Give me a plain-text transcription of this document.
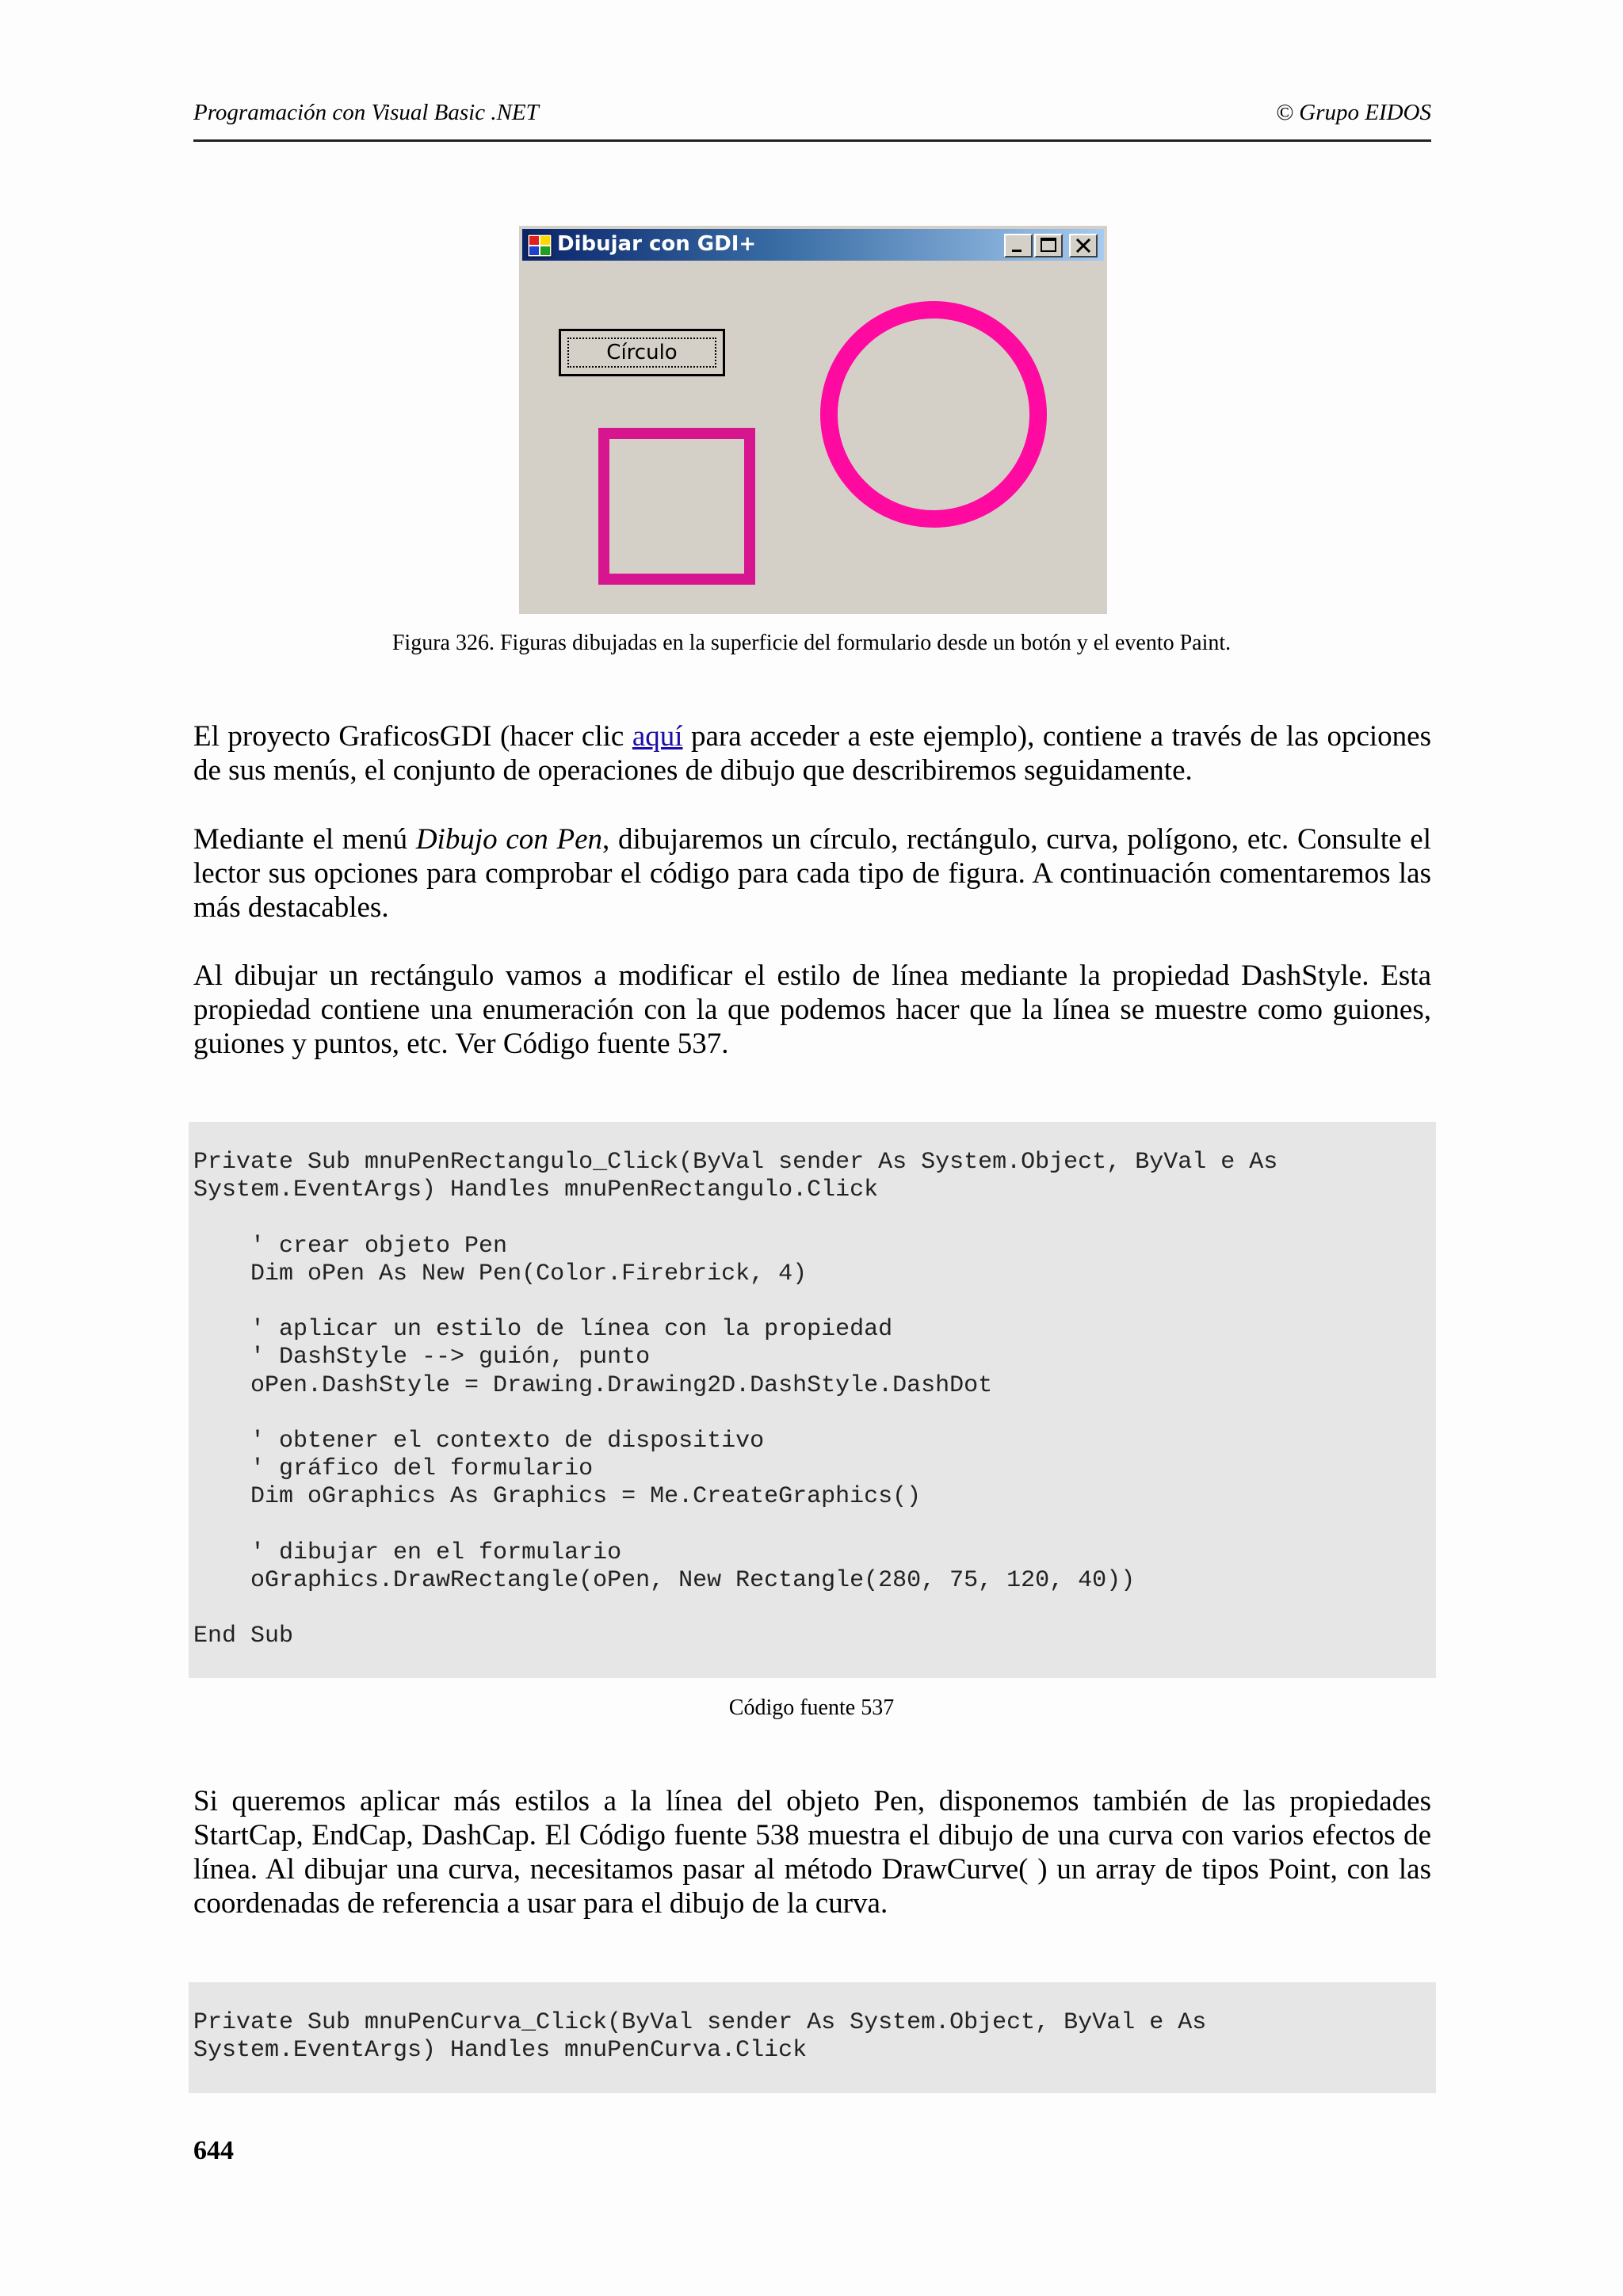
Programación con Visual Basic .NET	© Grupo EIDOS
Dibujar con GDI+
Círculo
Figura 326. Figuras dibujadas en la superficie del formulario desde un botón y el evento Paint.

El proyecto GraficosGDI (hacer clic aquí para acceder a este ejemplo), contiene a través de las opciones de sus menús, el conjunto de operaciones de dibujo que describiremos seguidamente.

Mediante el menú Dibujo con Pen, dibujaremos un círculo, rectángulo, curva, polígono, etc. Consulte el lector sus opciones para comprobar el código para cada tipo de figura. A continuación comentaremos las más destacables.

Al dibujar un rectángulo vamos a modificar el estilo de línea mediante la propiedad DashStyle. Esta propiedad contiene una enumeración con la que podemos hacer que la línea se muestre como guiones, guiones y puntos, etc. Ver Código fuente 537.

Private Sub mnuPenRectangulo_Click(ByVal sender As System.Object, ByVal e As
System.EventArgs) Handles mnuPenRectangulo.Click

' crear objeto Pen
Dim oPen As New Pen(Color.Firebrick, 4)

' aplicar un estilo de línea con la propiedad
' DashStyle --> guión, punto
oPen.DashStyle = Drawing.Drawing2D.DashStyle.DashDot

' obtener el contexto de dispositivo
' gráfico del formulario
Dim oGraphics As Graphics = Me.CreateGraphics()

' dibujar en el formulario
oGraphics.DrawRectangle(oPen, New Rectangle(280, 75, 120, 40))

End Sub
Código fuente 537

Si queremos aplicar más estilos a la línea del objeto Pen, disponemos también de las propiedades StartCap, EndCap, DashCap. El Código fuente 538 muestra el dibujo de una curva con varios efectos de línea. Al dibujar una curva, necesitamos pasar al método DrawCurve( ) un array de tipos Point, con las coordenadas de referencia a usar para el dibujo de la curva.

Private Sub mnuPenCurva_Click(ByVal sender As System.Object, ByVal e As
System.EventArgs) Handles mnuPenCurva.Click
644
